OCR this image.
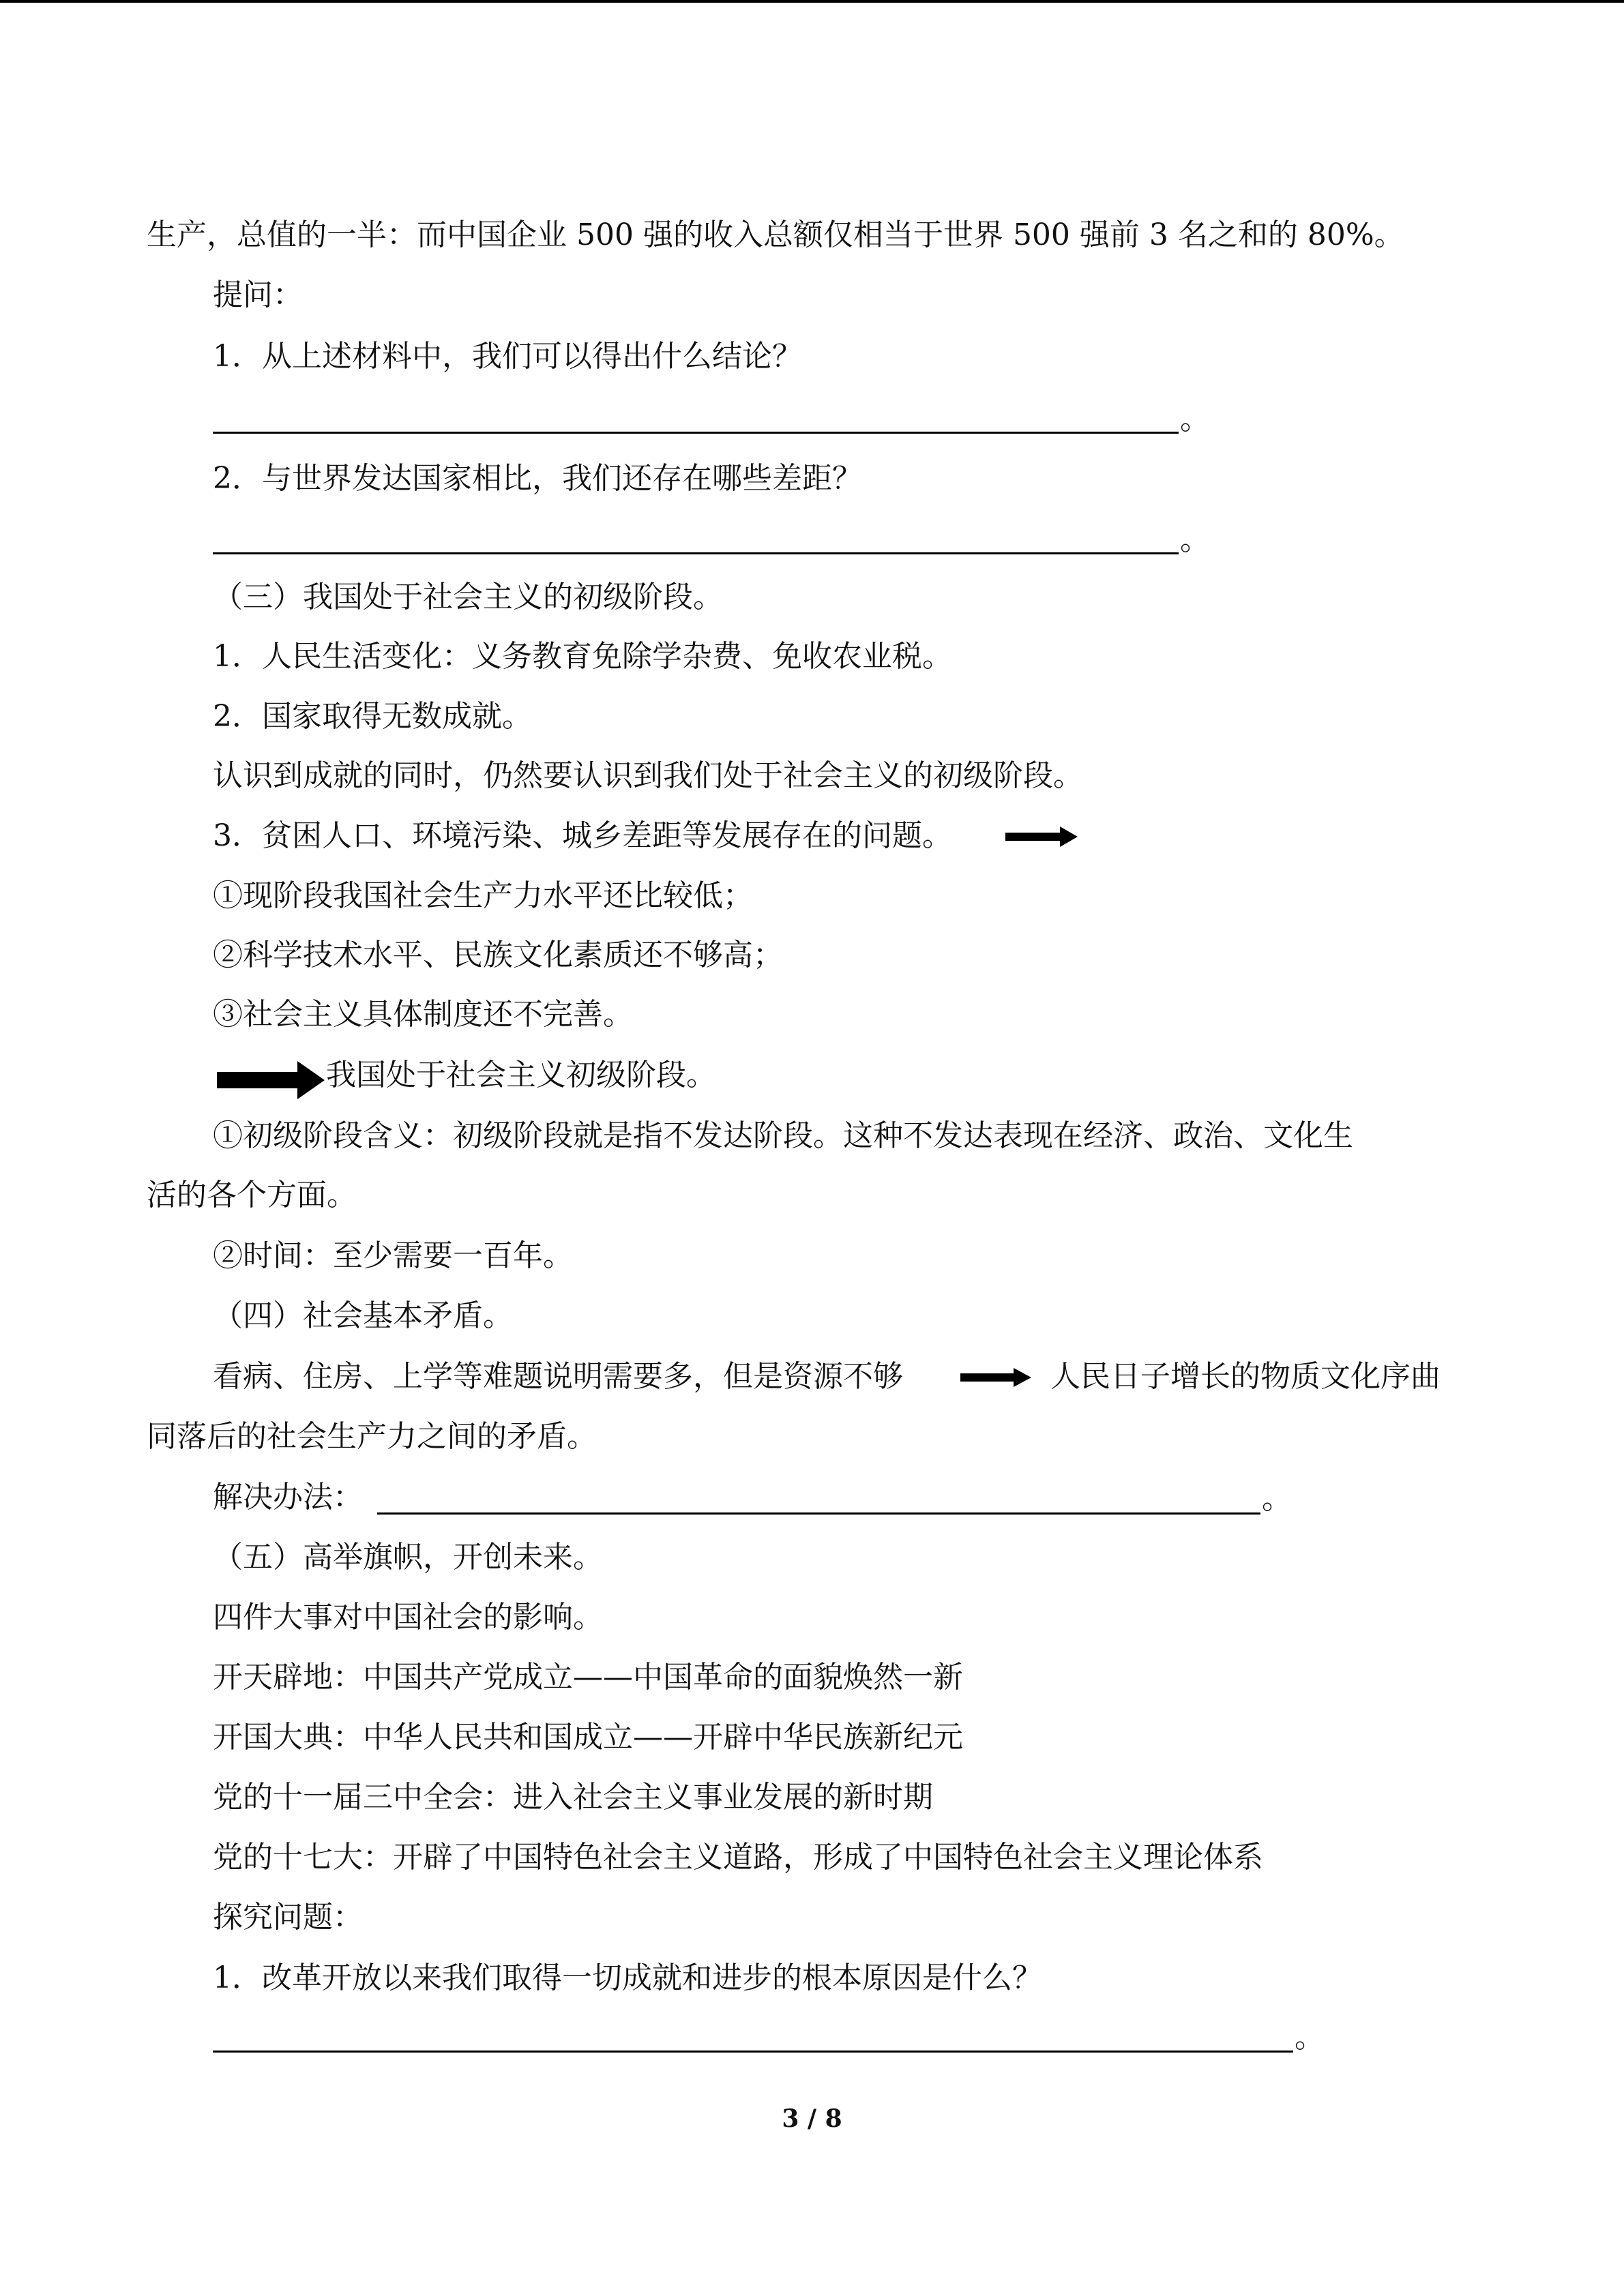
生产，总值的一半：而中国企业 500 强的收入总额仅相当于世界 500 强前 3 名之和的 80%。
提问：
1．从上述材料中，我们可以得出什么结论？
。
2．与世界发达国家相比，我们还存在哪些差距？
。
（三）我国处于社会主义的初级阶段。
1．人民生活变化：义务教育免除学杂费、免收农业税。
2．国家取得无数成就。
认识到成就的同时，仍然要认识到我们处于社会主义的初级阶段。
3．贫困人口、环境污染、城乡差距等发展存在的问题。
①现阶段我国社会生产力水平还比较低；
②科学技术水平、民族文化素质还不够高；
③社会主义具体制度还不完善。
我国处于社会主义初级阶段。
①初级阶段含义：初级阶段就是指不发达阶段。这种不发达表现在经济、政治、文化生
活的各个方面。
②时间：至少需要一百年。
（四）社会基本矛盾。
看病、住房、上学等难题说明需要多，但是资源不够	人民日子增长的物质文化序曲
同落后的社会生产力之间的矛盾。
解决办法：	。
（五）高举旗帜，开创未来。
四件大事对中国社会的影响。
开天辟地：中国共产党成立——中国革命的面貌焕然一新
开国大典：中华人民共和国成立——开辟中华民族新纪元
党的十一届三中全会：进入社会主义事业发展的新时期
党的十七大：开辟了中国特色社会主义道路，形成了中国特色社会主义理论体系
探究问题：
1．改革开放以来我们取得一切成就和进步的根本原因是什么？
。
3 / 8
